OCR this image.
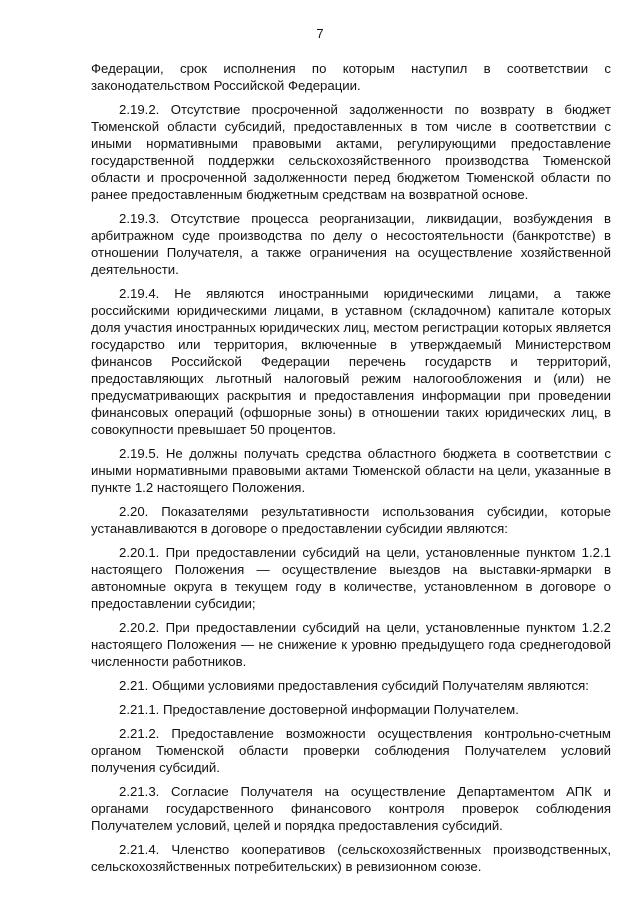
7

Федерации, срок исполнения по которым наступил в соответствии с законодательством Российской Федерации.

2.19.2. Отсутствие просроченной задолженности по возврату в бюджет Тюменской области субсидий, предоставленных в том числе в соответствии с иными нормативными правовыми актами, регулирующими предоставление государственной поддержки сельскохозяйственного производства Тюменской области и просроченной задолженности перед бюджетом Тюменской области по ранее предоставленным бюджетным средствам на возвратной основе.

2.19.3. Отсутствие процесса реорганизации, ликвидации, возбуждения в арбитражном суде производства по делу о несостоятельности (банкротстве) в отношении Получателя, а также ограничения на осуществление хозяйственной деятельности.

2.19.4. Не являются иностранными юридическими лицами, а также российскими юридическими лицами, в уставном (складочном) капитале которых доля участия иностранных юридических лиц, местом регистрации которых является государство или территория, включенные в утверждаемый Министерством финансов Российской Федерации перечень государств и территорий, предоставляющих льготный налоговый режим налогообложения и (или) не предусматривающих раскрытия и предоставления информации при проведении финансовых операций (офшорные зоны) в отношении таких юридических лиц, в совокупности превышает 50 процентов.

2.19.5. Не должны получать средства областного бюджета в соответствии с иными нормативными правовыми актами Тюменской области на цели, указанные в пункте 1.2 настоящего Положения.

2.20. Показателями результативности использования субсидии, которые устанавливаются в договоре о предоставлении субсидии являются:

2.20.1. При предоставлении субсидий на цели, установленные пунктом 1.2.1 настоящего Положения — осуществление выездов на выставки-ярмарки в автономные округа в текущем году в количестве, установленном в договоре о предоставлении субсидии;

2.20.2. При предоставлении субсидий на цели, установленные пунктом 1.2.2 настоящего Положения — не снижение к уровню предыдущего года среднегодовой численности работников.

2.21. Общими условиями предоставления субсидий Получателям являются:

2.21.1. Предоставление достоверной информации Получателем.

2.21.2. Предоставление возможности осуществления контрольно-счетным органом Тюменской области проверки соблюдения Получателем условий получения субсидий.

2.21.3. Согласие Получателя на осуществление Департаментом АПК и органами государственного финансового контроля проверок соблюдения Получателем условий, целей и порядка предоставления субсидий.

2.21.4. Членство кооперативов (сельскохозяйственных производственных, сельскохозяйственных потребительских) в ревизионном союзе.
